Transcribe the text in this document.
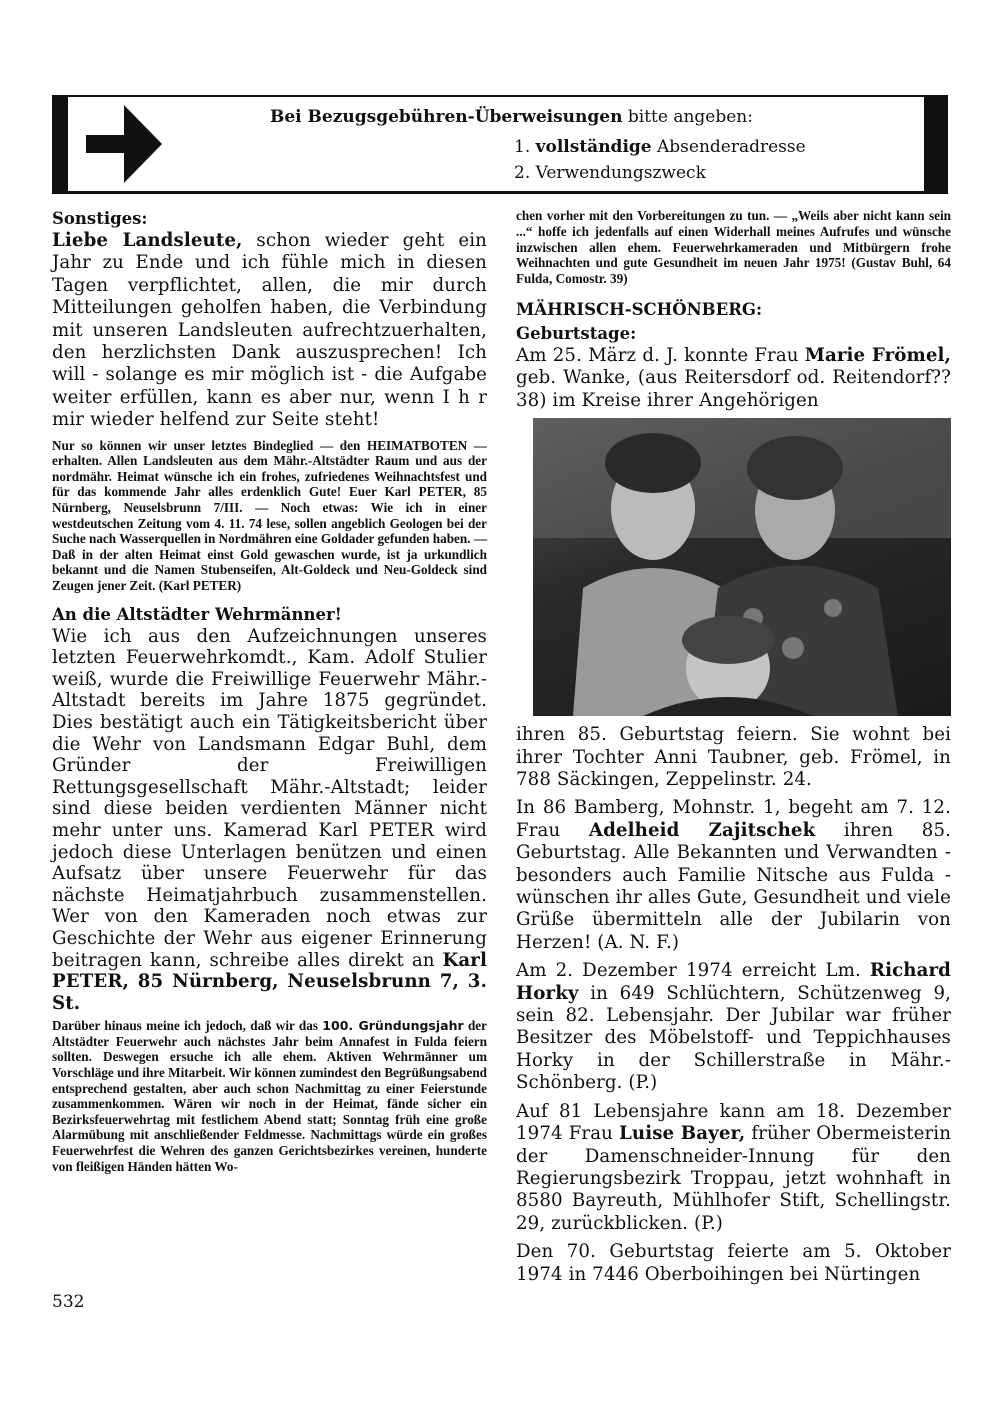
Bei Bezugsgebühren-Überweisungen bitte angeben:
1. vollständige Absenderadresse
2. Verwendungszweck

Sonstiges:

Liebe Landsleute, schon wieder geht ein Jahr zu Ende und ich fühle mich in diesen Tagen verpflichtet, allen, die mir durch Mitteilungen geholfen haben, die Verbindung mit unseren Landsleuten aufrechtzuerhalten, den herzlichsten Dank auszusprechen! Ich will - solange es mir möglich ist - die Aufgabe weiter erfüllen, kann es aber nur, wenn I h r mir wieder helfend zur Seite steht!

Nur so können wir unser letztes Bindeglied — den HEIMATBOTEN — erhalten. Allen Landsleuten aus dem Mähr.-Altstädter Raum und aus der nordmähr. Heimat wünsche ich ein frohes, zufriedenes Weihnachtsfest und für das kommende Jahr alles erdenklich Gute! Euer Karl PETER, 85 Nürnberg, Neuselsbrunn 7/III. — Noch etwas: Wie ich in einer westdeutschen Zeitung vom 4. 11. 74 lese, sollen angeblich Geologen bei der Suche nach Wasserquellen in Nordmähren eine Goldader gefunden haben. — Daß in der alten Heimat einst Gold gewaschen wurde, ist ja urkundlich bekannt und die Namen Stubenseifen, Alt-Goldeck und Neu-Goldeck sind Zeugen jener Zeit. (Karl PETER)

An die Altstädter Wehrmänner!

Wie ich aus den Aufzeichnungen unseres letzten Feuerwehrkomdt., Kam. Adolf Stulier weiß, wurde die Freiwillige Feuerwehr Mähr.-Altstadt bereits im Jahre 1875 gegründet. Dies bestätigt auch ein Tätigkeitsbericht über die Wehr von Landsmann Edgar Buhl, dem Gründer der Freiwilligen Rettungsgesellschaft Mähr.-Altstadt; leider sind diese beiden verdienten Männer nicht mehr unter uns. Kamerad Karl PETER wird jedoch diese Unterlagen benützen und einen Aufsatz über unsere Feuerwehr für das nächste Heimatjahrbuch zusammenstellen. Wer von den Kameraden noch etwas zur Geschichte der Wehr aus eigener Erinnerung beitragen kann, schreibe alles direkt an Karl PETER, 85 Nürnberg, Neuselsbrunn 7, 3. St.

Darüber hinaus meine ich jedoch, daß wir das 100. Gründungsjahr der Altstädter Feuerwehr auch nächstes Jahr beim Annafest in Fulda feiern sollten. Deswegen ersuche ich alle ehem. Aktiven Wehrmänner um Vorschläge und ihre Mitarbeit. Wir können zumindest den Begrüßungsabend entsprechend gestalten, aber auch schon Nachmittag zu einer Feierstunde zusammenkommen. Wären wir noch in der Heimat, fände sicher ein Bezirksfeuerwehrtag mit festlichem Abend statt; Sonntag früh eine große Alarmübung mit anschließender Feldmesse. Nachmittags würde ein großes Feuerwehrfest die Wehren des ganzen Gerichtsbezirkes vereinen, hunderte von fleißigen Händen hätten Wo-

chen vorher mit den Vorbereitungen zu tun. — „Weils aber nicht kann sein ...“ hoffe ich jedenfalls auf einen Widerhall meines Aufrufes und wünsche inzwischen allen ehem. Feuerwehrkameraden und Mitbürgern frohe Weihnachten und gute Gesundheit im neuen Jahr 1975! (Gustav Buhl, 64 Fulda, Comostr. 39)

MÄHRISCH-SCHÖNBERG:

Geburtstage:

Am 25. März d. J. konnte Frau Marie Frömel, geb. Wanke, (aus Reitersdorf od. Reitendorf?? 38) im Kreise ihrer Angehörigen

ihren 85. Geburtstag feiern. Sie wohnt bei ihrer Tochter Anni Taubner, geb. Frömel, in 788 Säckingen, Zeppelinstr. 24.

In 86 Bamberg, Mohnstr. 1, begeht am 7. 12. Frau Adelheid Zajitschek ihren 85. Geburtstag. Alle Bekannten und Verwandten - besonders auch Familie Nitsche aus Fulda - wünschen ihr alles Gute, Gesundheit und viele Grüße übermitteln alle der Jubilarin von Herzen! (A. N. F.)

Am 2. Dezember 1974 erreicht Lm. Richard Horky in 649 Schlüchtern, Schützenweg 9, sein 82. Lebensjahr. Der Jubilar war früher Besitzer des Möbelstoff- und Teppichhauses Horky in der Schillerstraße in Mähr.-Schönberg. (P.)

Auf 81 Lebensjahre kann am 18. Dezember 1974 Frau Luise Bayer, früher Obermeisterin der Damenschneider-Innung für den Regierungsbezirk Troppau, jetzt wohnhaft in 8580 Bayreuth, Mühlhofer Stift, Schellingstr. 29, zurückblicken. (P.)

Den 70. Geburtstag feierte am 5. Oktober 1974 in 7446 Oberboihingen bei Nürtingen

532
